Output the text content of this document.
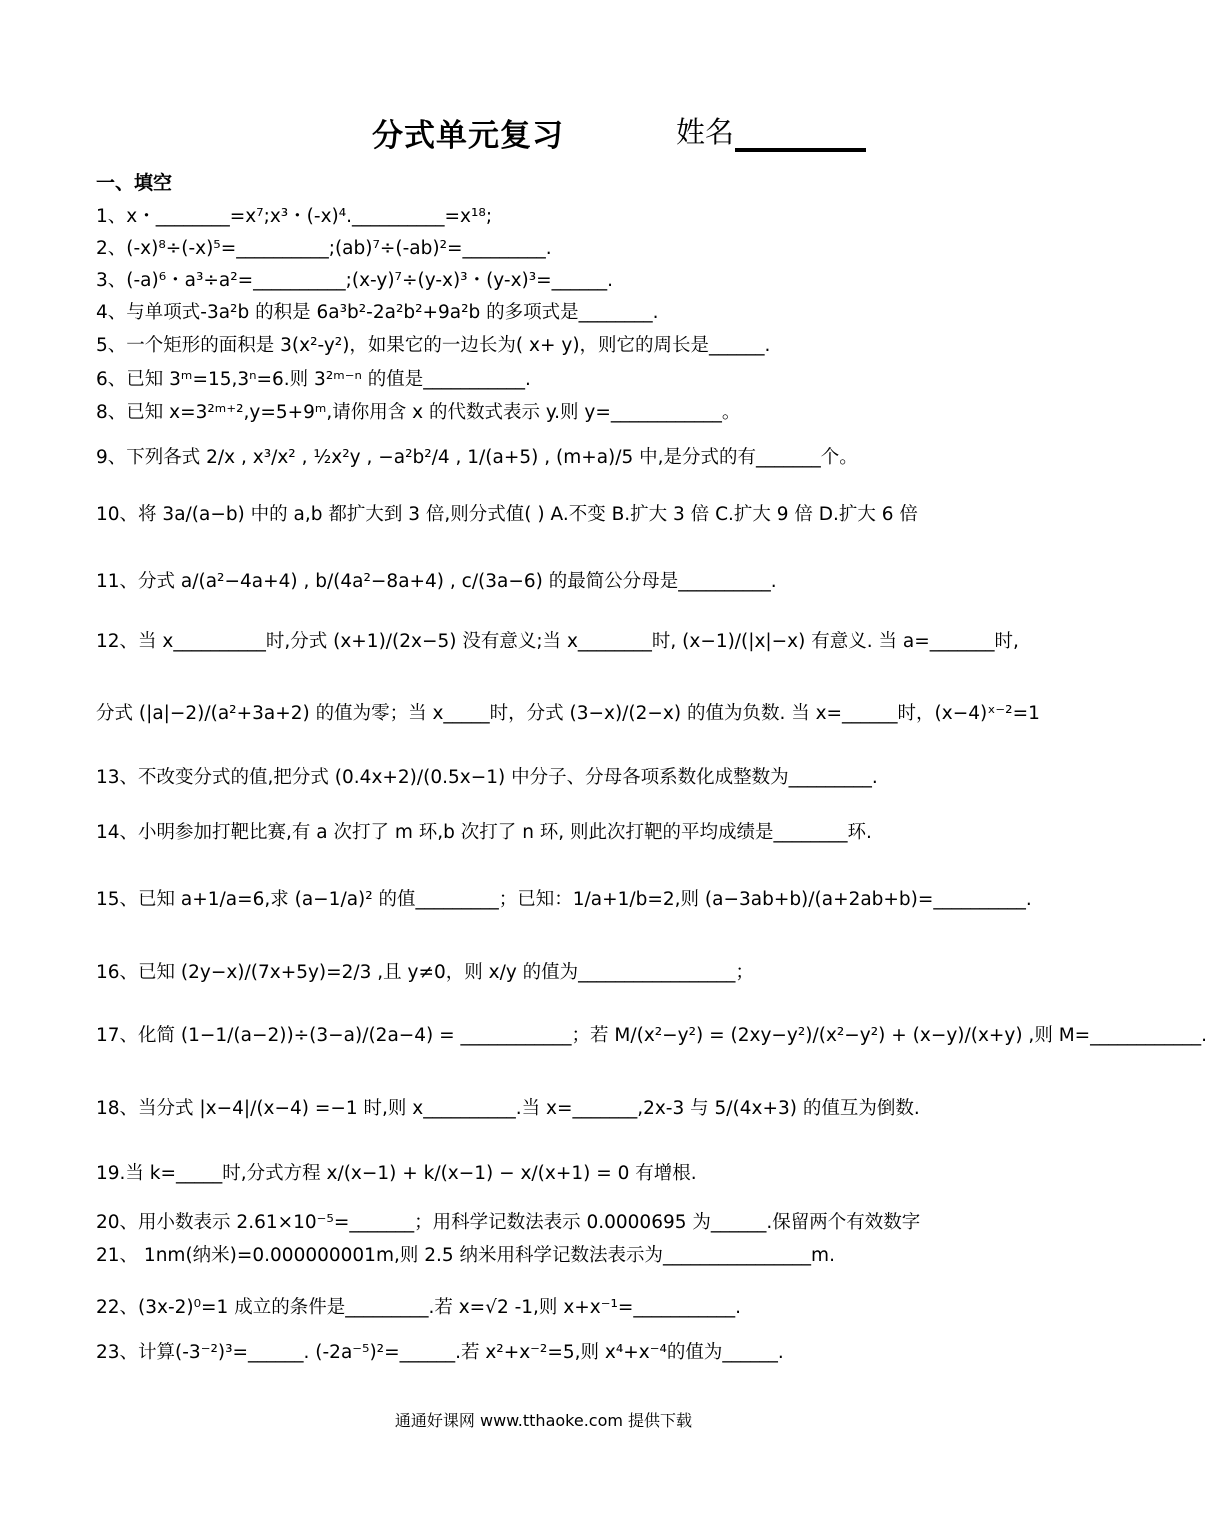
分式单元复习	姓名
一、填空
1、x・________=x⁷;x³・(-x)⁴.__________=x¹⁸;
2、(-x)⁸÷(-x)⁵=__________;(ab)⁷÷(-ab)²=_________.
3、(-a)⁶・a³÷a²=__________;(x-y)⁷÷(y-x)³・(y-x)³=______.
4、与单项式-3a²b 的积是 6a³b²-2a²b²+9a²b 的多项式是________.
5、一个矩形的面积是 3(x²-y²)，如果它的一边长为( x+ y)，则它的周长是______.
6、已知 3ᵐ=15,3ⁿ=6.则 3²ᵐ⁻ⁿ 的值是___________.
8、已知 x=3²ᵐ⁺²,y=5+9ᵐ,请你用含 x 的代数式表示 y.则 y=____________。
9、下列各式 2/x , x³/x² , ½x²y , −a²b²/4 , 1/(a+5) , (m+a)/5 中,是分式的有_______个。
10、将 3a/(a−b) 中的 a,b 都扩大到 3 倍,则分式值( ) A.不变 B.扩大 3 倍 C.扩大 9 倍 D.扩大 6 倍
11、分式 a/(a²−4a+4) , b/(4a²−8a+4) , c/(3a−6) 的最简公分母是__________.
12、当 x__________时,分式 (x+1)/(2x−5) 没有意义;当 x________时, (x−1)/(|x|−x) 有意义. 当 a=_______时,
分式 (|a|−2)/(a²+3a+2) 的值为零；当 x_____时，分式 (3−x)/(2−x) 的值为负数. 当 x=______时，(x−4)ˣ⁻²=1
13、不改变分式的值,把分式 (0.4x+2)/(0.5x−1) 中分子、分母各项系数化成整数为_________.
14、小明参加打靶比赛,有 a 次打了 m 环,b 次打了 n 环, 则此次打靶的平均成绩是________环.
15、已知 a+1/a=6,求 (a−1/a)² 的值_________；已知：1/a+1/b=2,则 (a−3ab+b)/(a+2ab+b)=__________.
16、已知 (2y−x)/(7x+5y)=2/3 ,且 y≠0，则 x/y 的值为_________________；
17、化简 (1−1/(a−2))÷(3−a)/(2a−4) = ____________；若 M/(x²−y²) = (2xy−y²)/(x²−y²) + (x−y)/(x+y) ,则 M=____________.
18、当分式 |x−4|/(x−4) =−1 时,则 x__________.当 x=_______,2x-3 与 5/(4x+3) 的值互为倒数.
19.当 k=_____时,分式方程 x/(x−1) + k/(x−1) − x/(x+1) = 0 有增根.
20、用小数表示 2.61×10⁻⁵=_______；用科学记数法表示 0.0000695 为______.保留两个有效数字
21、 1nm(纳米)=0.000000001m,则 2.5 纳米用科学记数法表示为________________m.
22、(3x-2)⁰=1 成立的条件是_________.若 x=√2 -1,则 x+x⁻¹=___________.
23、计算(-3⁻²)³=______. (-2a⁻⁵)²=______.若 x²+x⁻²=5,则 x⁴+x⁻⁴的值为______.
通通好课网 www.tthaoke.com 提供下载
